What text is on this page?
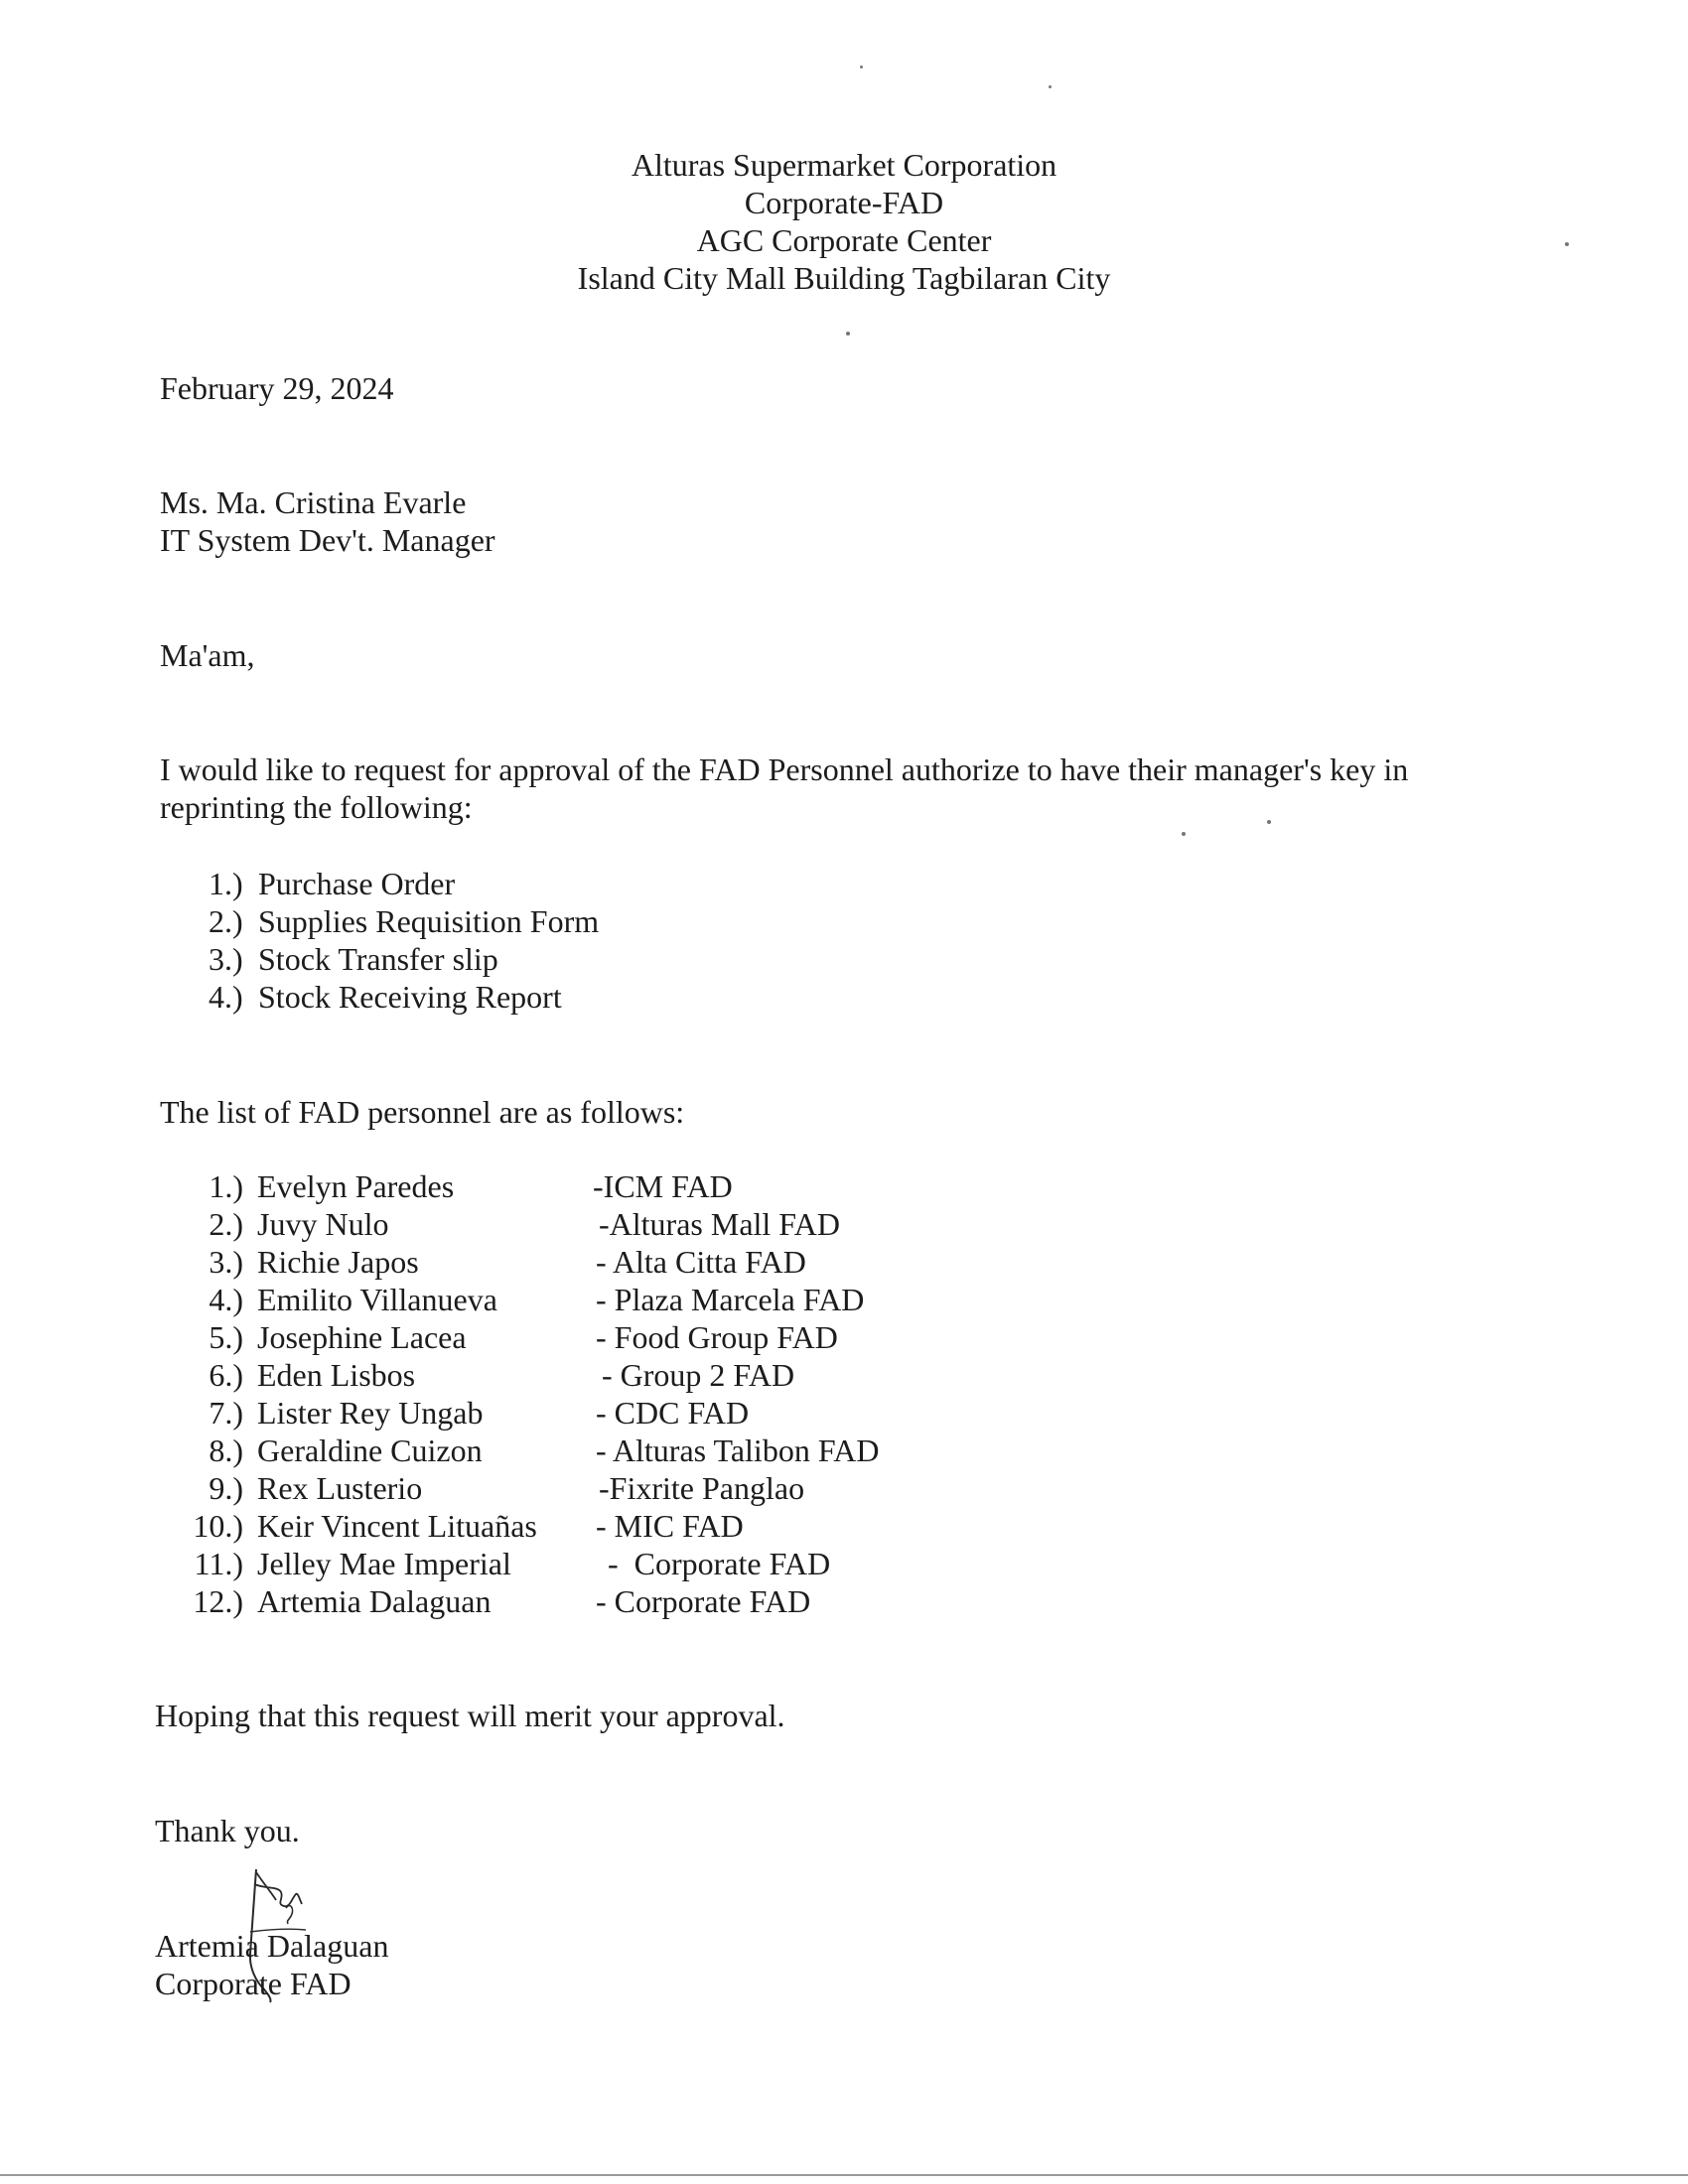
Alturas Supermarket Corporation
Corporate-FAD
AGC Corporate Center
Island City Mall Building Tagbilaran City
February 29, 2024
Ms. Ma. Cristina Evarle
IT System Dev't. Manager
Ma'am,
I would like to request for approval of the FAD Personnel authorize to have their manager's key in
reprinting the following:
1.) Purchase Order
2.) Supplies Requisition Form
3.) Stock Transfer slip
4.) Stock Receiving Report
The list of FAD personnel are as follows:
1.) Evelyn Paredes	-ICM FAD
2.) Juvy Nulo	-Alturas Mall FAD
3.) Richie Japos	- Alta Citta FAD
4.) Emilito Villanueva	- Plaza Marcela FAD
5.) Josephine Lacea	- Food Group FAD
6.) Eden Lisbos	- Group 2 FAD
7.) Lister Rey Ungab	- CDC FAD
8.) Geraldine Cuizon	- Alturas Talibon FAD
9.) Rex Lusterio	-Fixrite Panglao
10.) Keir Vincent Lituañas - MIC FAD
11.) Jelley Mae Imperial	-  Corporate FAD
12.) Artemia Dalaguan	- Corporate FAD
Hoping that this request will merit your approval.
Thank you.
Artemia Dalaguan
Corporate FAD
